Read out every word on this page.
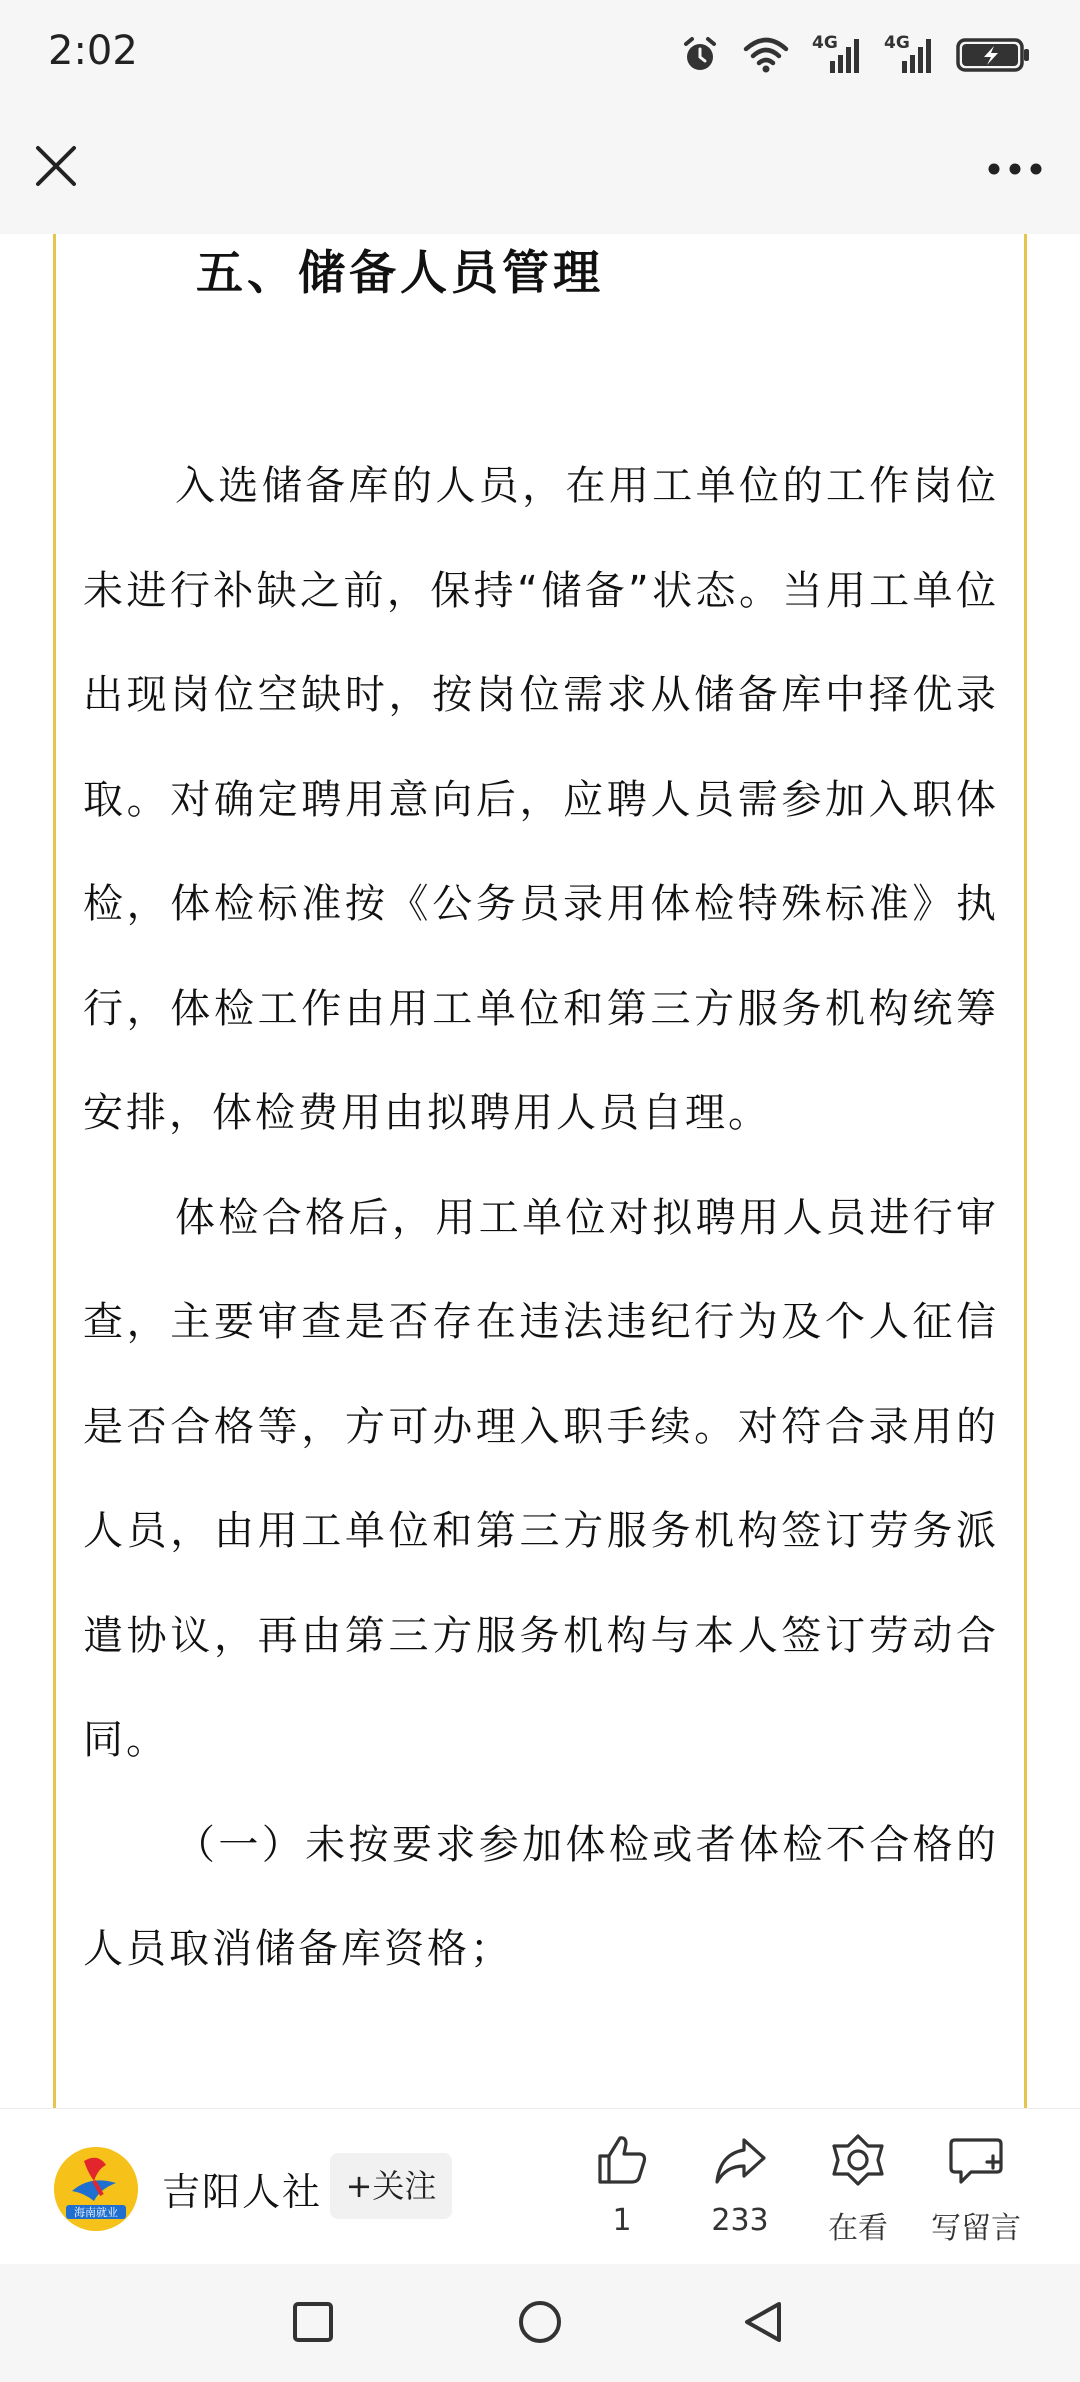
2:02	4G	4G
五、储备人员管理

入选储备库的人员，在用工单位的工作岗位未进行补缺之前，保持“储备”状态。当用工单位出现岗位空缺时，按岗位需求从储备库中择优录取。对确定聘用意向后，应聘人员需参加入职体检，体检标准按《公务员录用体检特殊标准》执行，体检工作由用工单位和第三方服务机构统筹安排，体检费用由拟聘用人员自理。

体检合格后，用工单位对拟聘用人员进行审查，主要审查是否存在违法违纪行为及个人征信是否合格等，方可办理入职手续。对符合录用的人员，由用工单位和第三方服务机构签订劳务派遣协议，再由第三方服务机构与本人签订劳动合同。

（一）未按要求参加体检或者体检不合格的人员取消储备库资格；

海南就业 吉阳人社 +关注
1	233 在看 写留言
